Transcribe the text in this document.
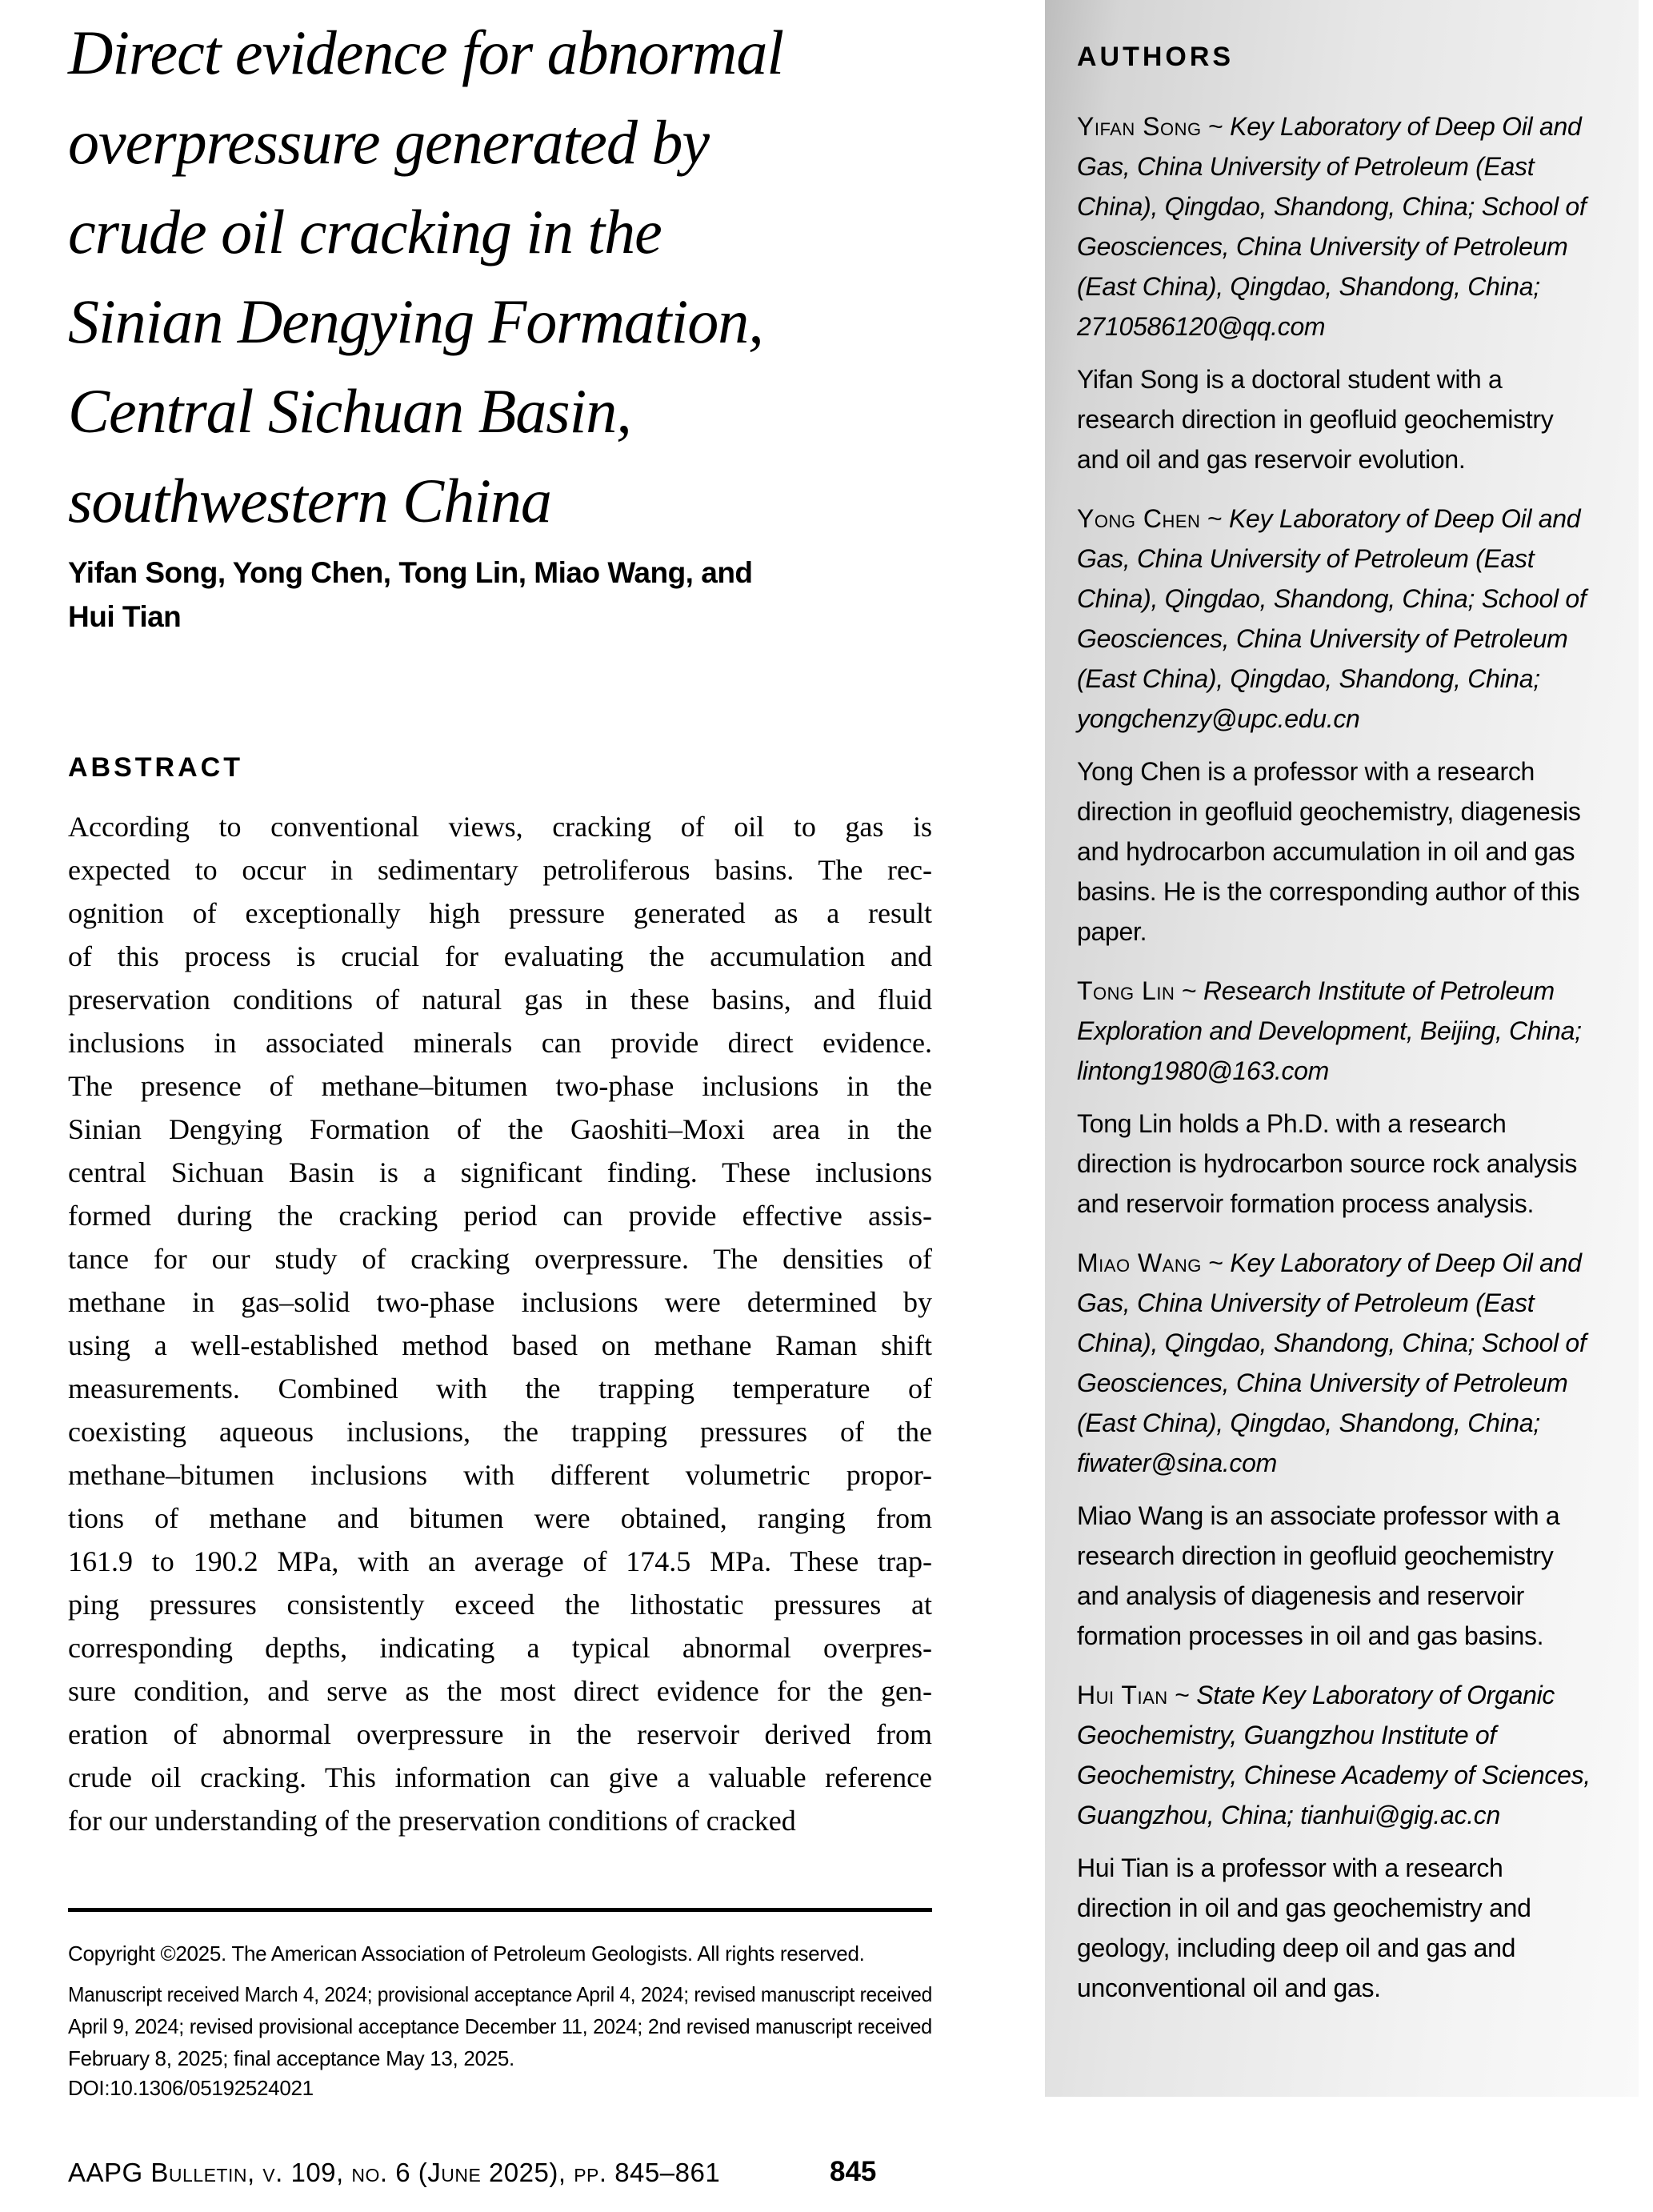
Direct evidence for abnormal
overpressure generated by
crude oil cracking in the
Sinian Dengying Formation,
Central Sichuan Basin,
southwestern China
Yifan Song, Yong Chen, Tong Lin, Miao Wang, and
Hui Tian
ABSTRACT
According to conventional views, cracking of oil to gas is
expected to occur in sedimentary petroliferous basins. The rec-
ognition of exceptionally high pressure generated as a result
of this process is crucial for evaluating the accumulation and
preservation conditions of natural gas in these basins, and fluid
inclusions in associated minerals can provide direct evidence.
The presence of methane–bitumen two-phase inclusions in the
Sinian Dengying Formation of the Gaoshiti–Moxi area in the
central Sichuan Basin is a significant finding. These inclusions
formed during the cracking period can provide effective assis-
tance for our study of cracking overpressure. The densities of
methane in gas–solid two-phase inclusions were determined by
using a well-established method based on methane Raman shift
measurements. Combined with the trapping temperature of
coexisting aqueous inclusions, the trapping pressures of the
methane–bitumen inclusions with different volumetric propor-
tions of methane and bitumen were obtained, ranging from
161.9 to 190.2 MPa, with an average of 174.5 MPa. These trap-
ping pressures consistently exceed the lithostatic pressures at
corresponding depths, indicating a typical abnormal overpres-
sure condition, and serve as the most direct evidence for the gen-
eration of abnormal overpressure in the reservoir derived from
crude oil cracking. This information can give a valuable reference
for our understanding of the preservation conditions of cracked
Copyright ©2025. The American Association of Petroleum Geologists. All rights reserved.
Manuscript received March 4, 2024; provisional acceptance April 4, 2024; revised manuscript received
April 9, 2024; revised provisional acceptance December 11, 2024; 2nd revised manuscript received
February 8, 2025; final acceptance May 13, 2025.
DOI:10.1306/05192524021
AAPG Bulletin, v. 109, no. 6 (June 2025), pp. 845–861	845
AUTHORS

Yifan Song ~ Key Laboratory of Deep Oil and Gas, China University of Petroleum (East China), Qingdao, Shandong, China; School of Geosciences, China University of Petroleum (East China), Qingdao, Shandong, China; 2710586120@qq.com

Yifan Song is a doctoral student with a research direction in geofluid geochemistry and oil and gas reservoir evolution.

Yong Chen ~ Key Laboratory of Deep Oil and Gas, China University of Petroleum (East China), Qingdao, Shandong, China; School of Geosciences, China University of Petroleum (East China), Qingdao, Shandong, China; yongchenzy@upc.edu.cn

Yong Chen is a professor with a research direction in geofluid geochemistry, diagenesis and hydrocarbon accumulation in oil and gas basins. He is the corresponding author of this paper.

Tong Lin ~ Research Institute of Petroleum Exploration and Development, Beijing, China; lintong1980@163.com

Tong Lin holds a Ph.D. with a research direction is hydrocarbon source rock analysis and reservoir formation process analysis.

Miao Wang ~ Key Laboratory of Deep Oil and Gas, China University of Petroleum (East China), Qingdao, Shandong, China; School of Geosciences, China University of Petroleum (East China), Qingdao, Shandong, China; fiwater@sina.com

Miao Wang is an associate professor with a research direction in geofluid geochemistry and analysis of diagenesis and reservoir formation processes in oil and gas basins.

Hui Tian ~ State Key Laboratory of Organic Geochemistry, Guangzhou Institute of Geochemistry, Chinese Academy of Sciences, Guangzhou, China; tianhui@gig.ac.cn

Hui Tian is a professor with a research direction in oil and gas geochemistry and geology, including deep oil and gas and unconventional oil and gas.
